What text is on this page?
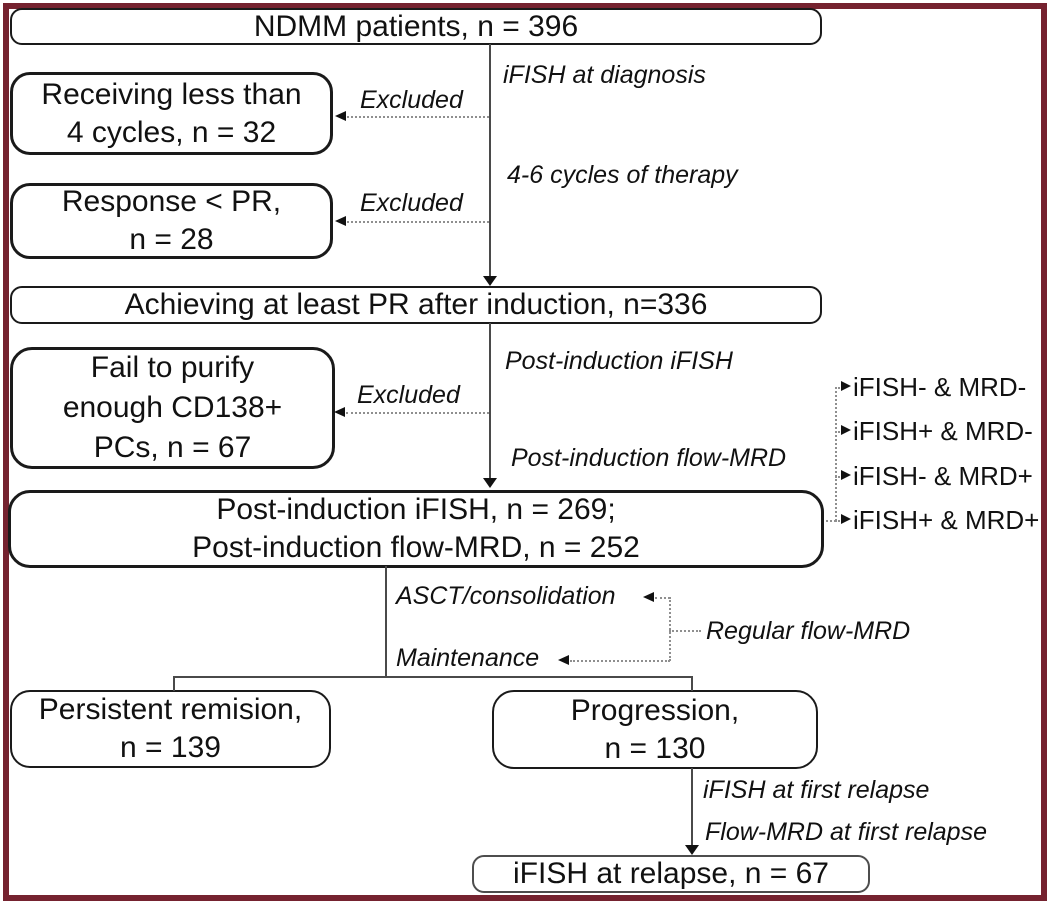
NDMM patients, n = 396
Receiving less than
4 cycles, n = 32
Response < PR,
n = 28
Achieving at least PR after induction, n=336
Fail to purify
enough CD138+
PCs, n = 67
Post-induction iFISH, n = 269;
Post-induction flow-MRD, n = 252
Persistent remision,
n = 139
Progression,
n = 130
iFISH at relapse, n = 67
iFISH- & MRD-
iFISH+ & MRD-
iFISH- & MRD+
iFISH+ & MRD+
iFISH at diagnosis
Excluded
4-6 cycles of therapy
Excluded
Post-induction iFISH
Excluded
Post-induction flow-MRD
ASCT/consolidation
Regular flow-MRD
Maintenance
iFISH at first relapse
Flow-MRD at first relapse
